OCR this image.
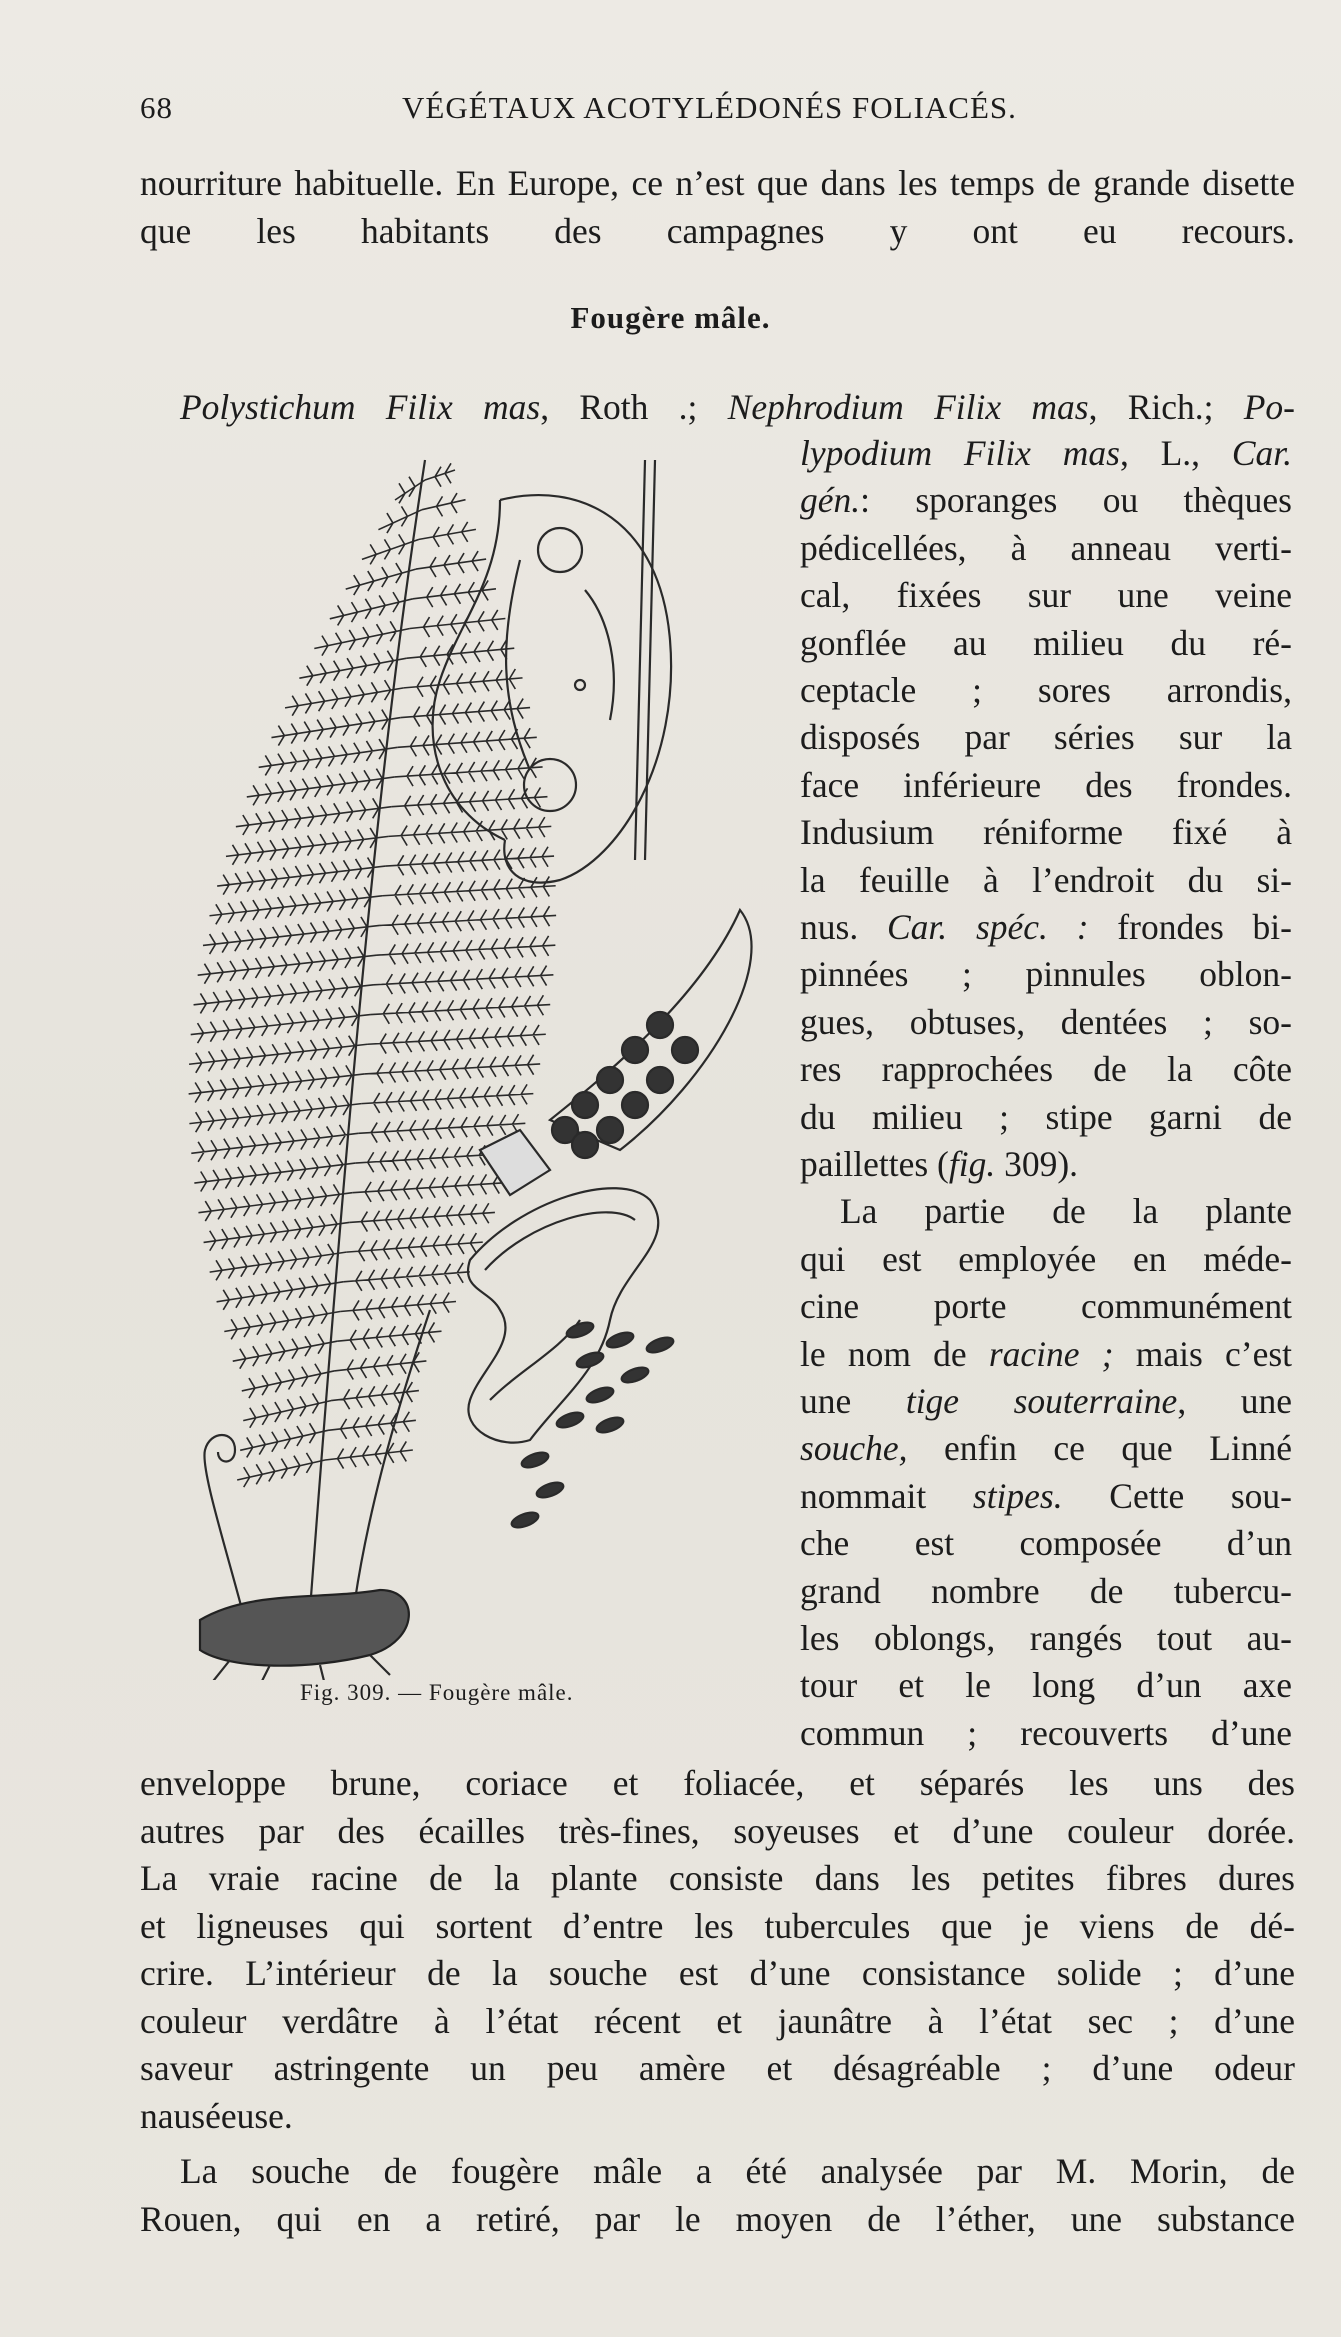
68	VÉGÉTAUX ACOTYLÉDONÉS FOLIACÉS.
nourriture habituelle. En Europe, ce n’est que dans les temps de grande disette que les habitants des campagnes y ont eu recours.
Fougère mâle.
Polystichum Filix mas, Roth .; Nephrodium Filix mas, Rich.; Po-
Fig. 309. — Fougère mâle.
lypodium Filix mas, L., Car.
gén.: sporanges ou thèques
pédicellées, à anneau verti-
cal, fixées sur une veine
gonflée au milieu du ré-
ceptacle ; sores arrondis,
disposés par séries sur la
face inférieure des frondes.
Indusium réniforme fixé à
la feuille à l’endroit du si-
nus. Car. spéc. : frondes bi-
pinnées ; pinnules oblon-
gues, obtuses, dentées ; so-
res rapprochées de la côte
du milieu ; stipe garni de
paillettes (fig. 309).
La partie de la plante
qui est employée en méde-
cine porte communément
le nom de racine ; mais c’est
une tige souterraine, une
souche, enfin ce que Linné
nommait stipes. Cette sou-
che est composée d’un
grand nombre de tubercu-
les oblongs, rangés tout au-
tour et le long d’un axe
commun ; recouverts d’une
enveloppe brune, coriace et foliacée, et séparés les uns des
autres par des écailles très-fines, soyeuses et d’une couleur dorée.
La vraie racine de la plante consiste dans les petites fibres dures
et ligneuses qui sortent d’entre les tubercules que je viens de dé-
crire. L’intérieur de la souche est d’une consistance solide ; d’une
couleur verdâtre à l’état récent et jaunâtre à l’état sec ; d’une
saveur astringente un peu amère et désagréable ; d’une odeur
nauséeuse.
La souche de fougère mâle a été analysée par M. Morin, de
Rouen, qui en a retiré, par le moyen de l’éther, une substance
